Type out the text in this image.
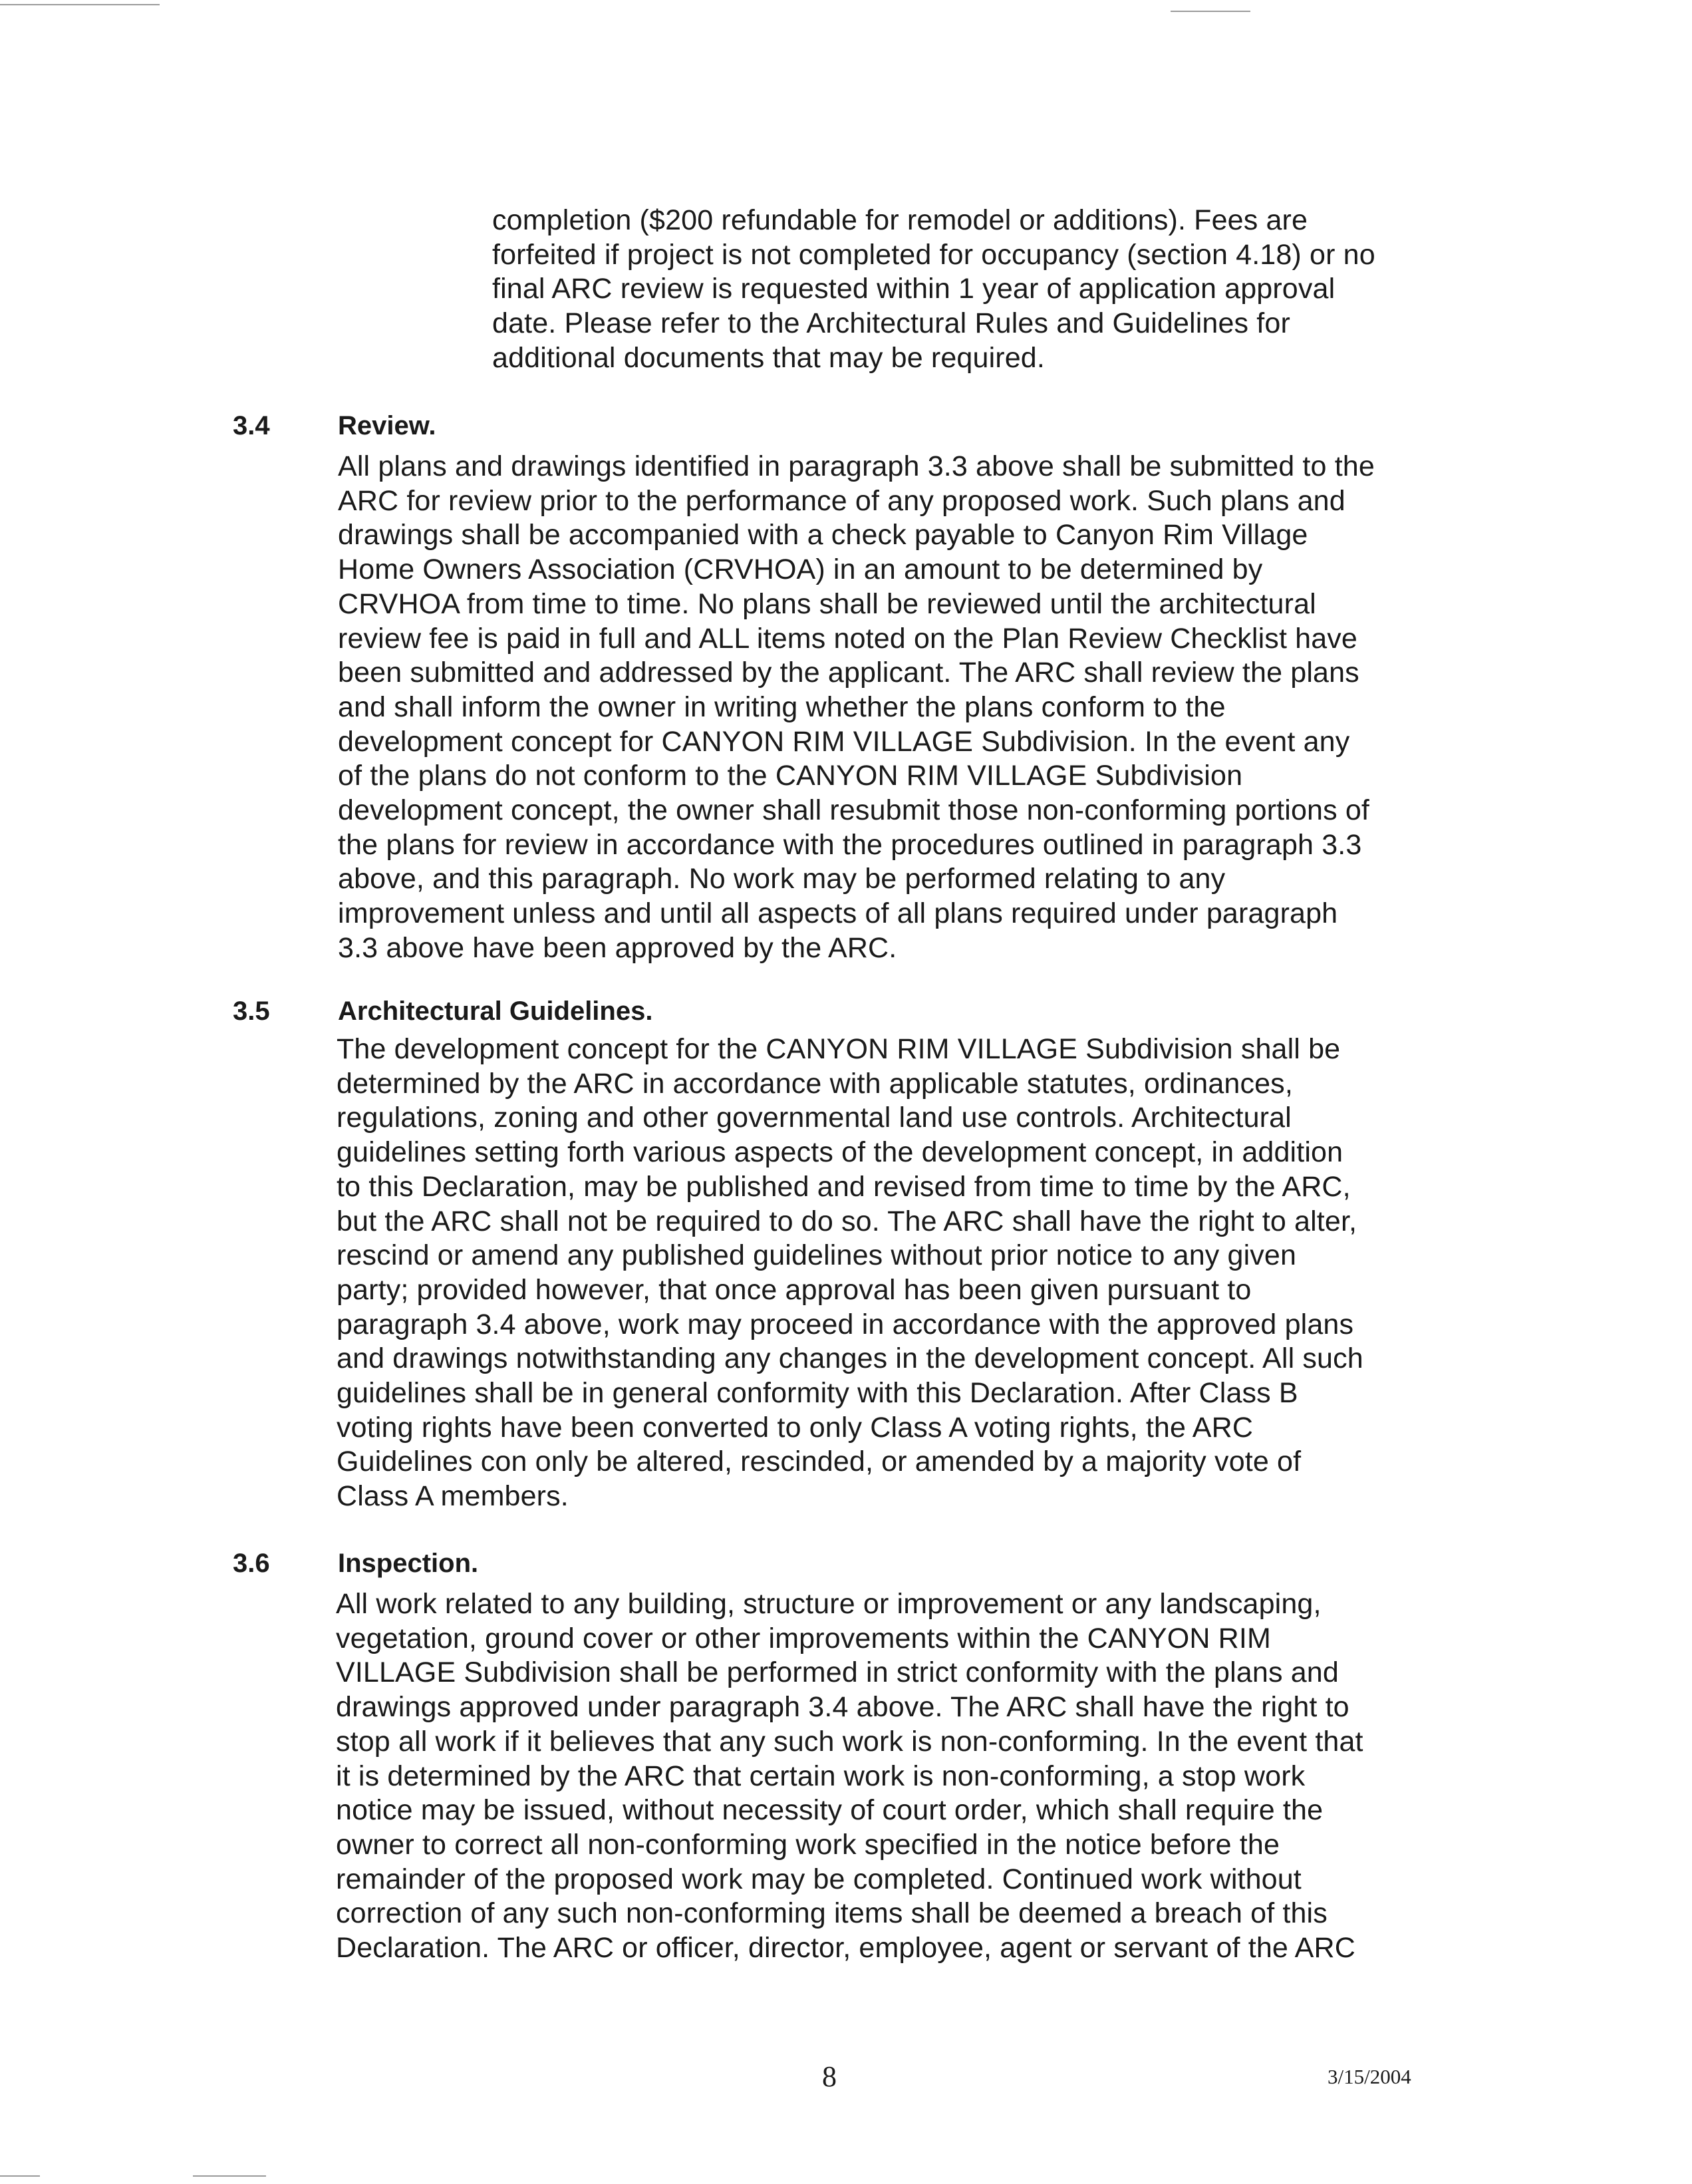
completion ($200 refundable for remodel or additions). Fees are
forfeited if project is not completed for occupancy (section 4.18) or no
final ARC review is requested within 1 year of application approval
date. Please refer to the Architectural Rules and Guidelines for
additional documents that may be required.
3.4	Review.
All plans and drawings identified in paragraph 3.3 above shall be submitted to the
ARC for review prior to the performance of any proposed work. Such plans and
drawings shall be accompanied with a check payable to Canyon Rim Village
Home Owners Association (CRVHOA) in an amount to be determined by
CRVHOA from time to time. No plans shall be reviewed until the architectural
review fee is paid in full and ALL items noted on the Plan Review Checklist have
been submitted and addressed by the applicant. The ARC shall review the plans
and shall inform the owner in writing whether the plans conform to the
development concept for CANYON RIM VILLAGE Subdivision. In the event any
of the plans do not conform to the CANYON RIM VILLAGE Subdivision
development concept, the owner shall resubmit those non-conforming portions of
the plans for review in accordance with the procedures outlined in paragraph 3.3
above, and this paragraph. No work may be performed relating to any
improvement unless and until all aspects of all plans required under paragraph
3.3 above have been approved by the ARC.
3.5	Architectural Guidelines.
The development concept for the CANYON RIM VILLAGE Subdivision shall be
determined by the ARC in accordance with applicable statutes, ordinances,
regulations, zoning and other governmental land use controls. Architectural
guidelines setting forth various aspects of the development concept, in addition
to this Declaration, may be published and revised from time to time by the ARC,
but the ARC shall not be required to do so. The ARC shall have the right to alter,
rescind or amend any published guidelines without prior notice to any given
party; provided however, that once approval has been given pursuant to
paragraph 3.4 above, work may proceed in accordance with the approved plans
and drawings notwithstanding any changes in the development concept. All such
guidelines shall be in general conformity with this Declaration. After Class B
voting rights have been converted to only Class A voting rights, the ARC
Guidelines con only be altered, rescinded, or amended by a majority vote of
Class A members.
3.6	Inspection.
All work related to any building, structure or improvement or any landscaping,
vegetation, ground cover or other improvements within the CANYON RIM
VILLAGE Subdivision shall be performed in strict conformity with the plans and
drawings approved under paragraph 3.4 above. The ARC shall have the right to
stop all work if it believes that any such work is non-conforming. In the event that
it is determined by the ARC that certain work is non-conforming, a stop work
notice may be issued, without necessity of court order, which shall require the
owner to correct all non-conforming work specified in the notice before the
remainder of the proposed work may be completed. Continued work without
correction of any such non-conforming items shall be deemed a breach of this
Declaration. The ARC or officer, director, employee, agent or servant of the ARC
8	3/15/2004
